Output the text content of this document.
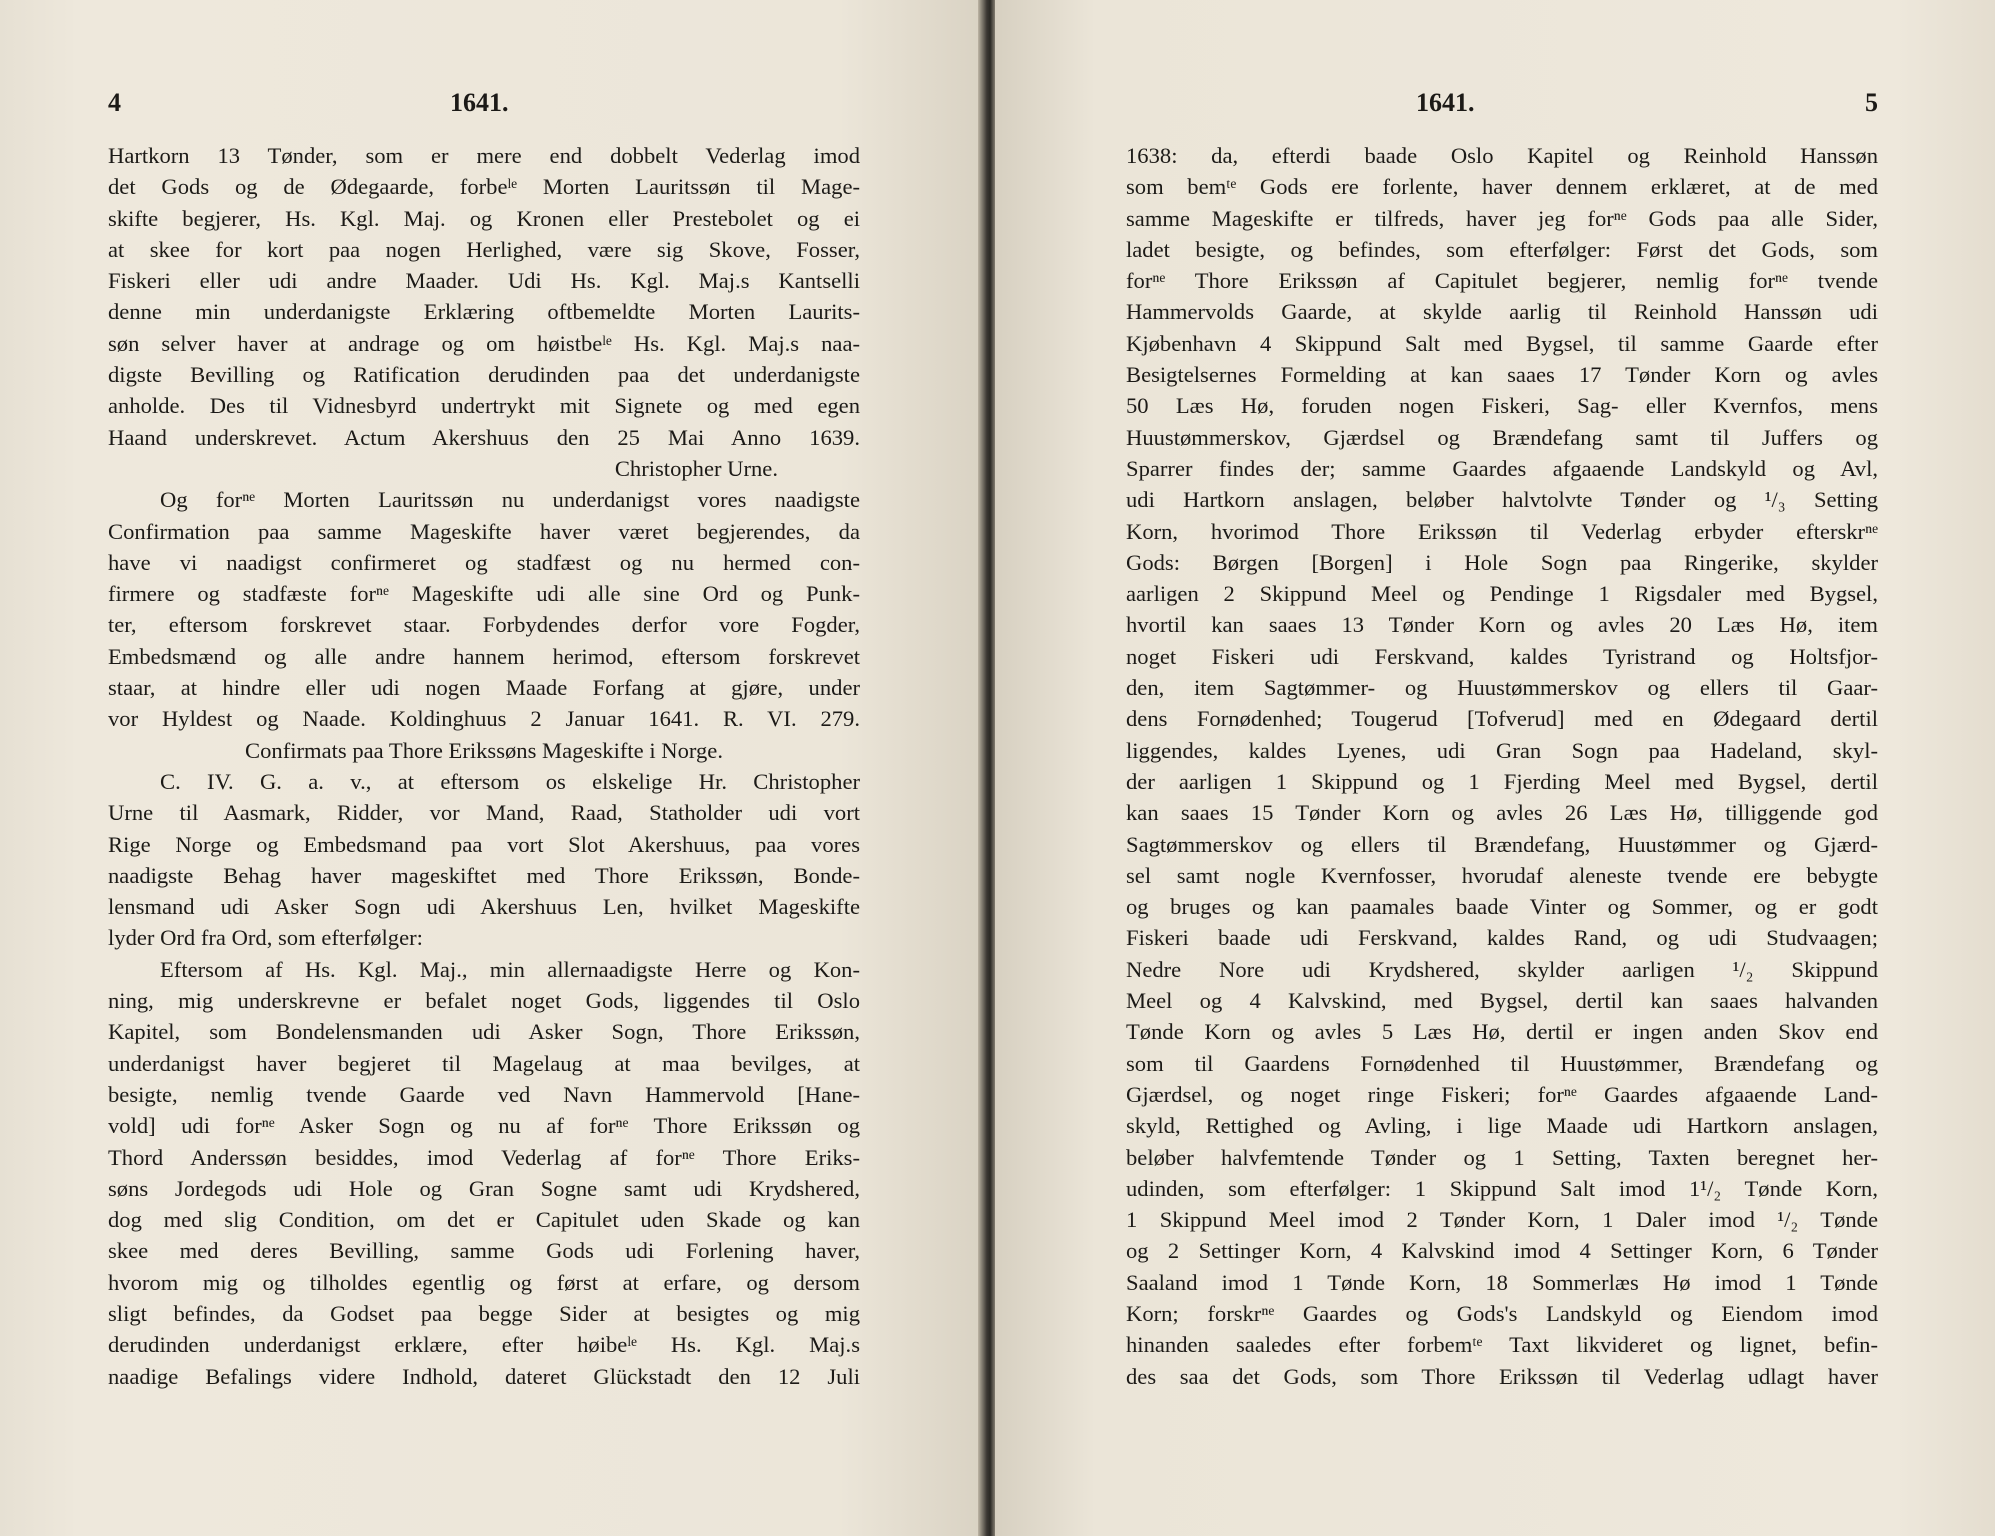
4	1641.
Hartkorn 13 Tønder, som er mere end dobbelt Vederlag imod
det Gods og de Ødegaarde, forbeˡᵉ Morten Lauritssøn til Mage-
skifte begjerer, Hs. Kgl. Maj. og Kronen eller Prestebolet og ei
at skee for kort paa nogen Herlighed, være sig Skove, Fosser,
Fiskeri eller udi andre Maader. Udi Hs. Kgl. Maj.s Kantselli
denne min underdanigste Erklæring oftbemeldte Morten Laurits-
søn selver haver at andrage og om høistbeˡᵉ Hs. Kgl. Maj.s naa-
digste Bevilling og Ratification derudinden paa det underdanigste
anholde. Des til Vidnesbyrd undertrykt mit Signete og med egen
Haand underskrevet. Actum Akershuus den 25 Mai Anno 1639.
Christopher Urne.
Og forⁿᵉ Morten Lauritssøn nu underdanigst vores naadigste
Confirmation paa samme Mageskifte haver været begjerendes, da
have vi naadigst confirmeret og stadfæst og nu hermed con-
firmere og stadfæste forⁿᵉ Mageskifte udi alle sine Ord og Punk-
ter, eftersom forskrevet staar. Forbydendes derfor vore Fogder,
Embedsmænd og alle andre hannem herimod, eftersom forskrevet
staar, at hindre eller udi nogen Maade Forfang at gjøre, under
vor Hyldest og Naade. Koldinghuus 2 Januar 1641. R. VI. 279.
Confirmats paa Thore Erikssøns Mageskifte i Norge.
C. IV. G. a. v., at eftersom os elskelige Hr. Christopher
Urne til Aasmark, Ridder, vor Mand, Raad, Statholder udi vort
Rige Norge og Embedsmand paa vort Slot Akershuus, paa vores
naadigste Behag haver mageskiftet med Thore Erikssøn, Bonde-
lensmand udi Asker Sogn udi Akershuus Len, hvilket Mageskifte
lyder Ord fra Ord, som efterfølger:
Eftersom af Hs. Kgl. Maj., min allernaadigste Herre og Kon-
ning, mig underskrevne er befalet noget Gods, liggendes til Oslo
Kapitel, som Bondelensmanden udi Asker Sogn, Thore Erikssøn,
underdanigst haver begjeret til Magelaug at maa bevilges, at
besigte, nemlig tvende Gaarde ved Navn Hammervold [Hane-
vold] udi forⁿᵉ Asker Sogn og nu af forⁿᵉ Thore Erikssøn og
Thord Anderssøn besiddes, imod Vederlag af forⁿᵉ Thore Eriks-
søns Jordegods udi Hole og Gran Sogne samt udi Krydshered,
dog med slig Condition, om det er Capitulet uden Skade og kan
skee med deres Bevilling, samme Gods udi Forlening haver,
hvorom mig og tilholdes egentlig og først at erfare, og dersom
sligt befindes, da Godset paa begge Sider at besigtes og mig
derudinden underdanigst erklære, efter høibeˡᵉ Hs. Kgl. Maj.s
naadige Befalings videre Indhold, dateret Glückstadt den 12 Juli
1641.	5
1638: da, efterdi baade Oslo Kapitel og Reinhold Hanssøn
som bemᵗᵉ Gods ere forlente, haver dennem erklæret, at de med
samme Mageskifte er tilfreds, haver jeg forⁿᵉ Gods paa alle Sider,
ladet besigte, og befindes, som efterfølger: Først det Gods, som
forⁿᵉ Thore Erikssøn af Capitulet begjerer, nemlig forⁿᵉ tvende
Hammervolds Gaarde, at skylde aarlig til Reinhold Hanssøn udi
Kjøbenhavn 4 Skippund Salt med Bygsel, til samme Gaarde efter
Besigtelsernes Formelding at kan saaes 17 Tønder Korn og avles
50 Læs Hø, foruden nogen Fiskeri, Sag- eller Kvernfos, mens
Huustømmerskov, Gjærdsel og Brændefang samt til Juffers og
Sparrer findes der; samme Gaardes afgaaende Landskyld og Avl,
udi Hartkorn anslagen, beløber halvtolvte Tønder og ¹/₃ Setting
Korn, hvorimod Thore Erikssøn til Vederlag erbyder efterskrⁿᵉ
Gods: Børgen [Borgen] i Hole Sogn paa Ringerike, skylder
aarligen 2 Skippund Meel og Pendinge 1 Rigsdaler med Bygsel,
hvortil kan saaes 13 Tønder Korn og avles 20 Læs Hø, item
noget Fiskeri udi Ferskvand, kaldes Tyristrand og Holtsfjor-
den, item Sagtømmer- og Huustømmerskov og ellers til Gaar-
dens Fornødenhed; Tougerud [Tofverud] med en Ødegaard dertil
liggendes, kaldes Lyenes, udi Gran Sogn paa Hadeland, skyl-
der aarligen 1 Skippund og 1 Fjerding Meel med Bygsel, dertil
kan saaes 15 Tønder Korn og avles 26 Læs Hø, tilliggende god
Sagtømmerskov og ellers til Brændefang, Huustømmer og Gjærd-
sel samt nogle Kvernfosser, hvorudaf aleneste tvende ere bebygte
og bruges og kan paamales baade Vinter og Sommer, og er godt
Fiskeri baade udi Ferskvand, kaldes Rand, og udi Studvaagen;
Nedre Nore udi Krydshered, skylder aarligen ¹/₂ Skippund
Meel og 4 Kalvskind, med Bygsel, dertil kan saaes halvanden
Tønde Korn og avles 5 Læs Hø, dertil er ingen anden Skov end
som til Gaardens Fornødenhed til Huustømmer, Brændefang og
Gjærdsel, og noget ringe Fiskeri; forⁿᵉ Gaardes afgaaende Land-
skyld, Rettighed og Avling, i lige Maade udi Hartkorn anslagen,
beløber halvfemtende Tønder og 1 Setting, Taxten beregnet her-
udinden, som efterfølger: 1 Skippund Salt imod 1¹/₂ Tønde Korn,
1 Skippund Meel imod 2 Tønder Korn, 1 Daler imod ¹/₂ Tønde
og 2 Settinger Korn, 4 Kalvskind imod 4 Settinger Korn, 6 Tønder
Saaland imod 1 Tønde Korn, 18 Sommerlæs Hø imod 1 Tønde
Korn; forskrⁿᵉ Gaardes og Gods's Landskyld og Eiendom imod
hinanden saaledes efter forbemᵗᵉ Taxt likvideret og lignet, befin-
des saa det Gods, som Thore Erikssøn til Vederlag udlagt haver
